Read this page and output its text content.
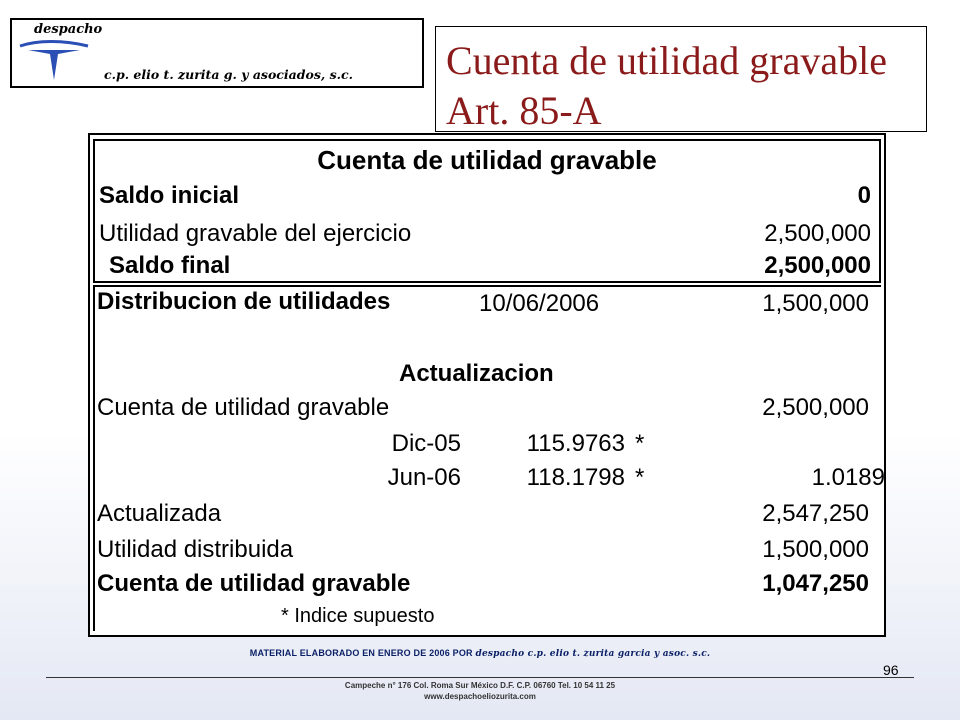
despacho
c.p. elio t. zurita g. y asociados, s.c. Cuenta de utilidad gravable
Art. 85-A
Cuenta de utilidad gravable
Saldo inicial	0
Utilidad gravable del ejercicio	2,500,000
Saldo final	2,500,000
Distribucion de utilidades	10/06/2006	1,500,000
Actualizacion
Cuenta de utilidad gravable	2,500,000
Dic-05	115.9763 *
Jun-06	118.1798 *	1.0189
Actualizada	2,547,250
Utilidad distribuida	1,500,000
Cuenta de utilidad gravable	1,047,250
* Indice supuesto
MATERIAL ELABORADO EN ENERO DE 2006 POR despacho c.p. elio t. zurita garcia y asoc. s.c.
96
Campeche n° 176 Col. Roma Sur México D.F. C.P. 06760 Tel. 10 54 11 25
www.despachoeliozurita.com
